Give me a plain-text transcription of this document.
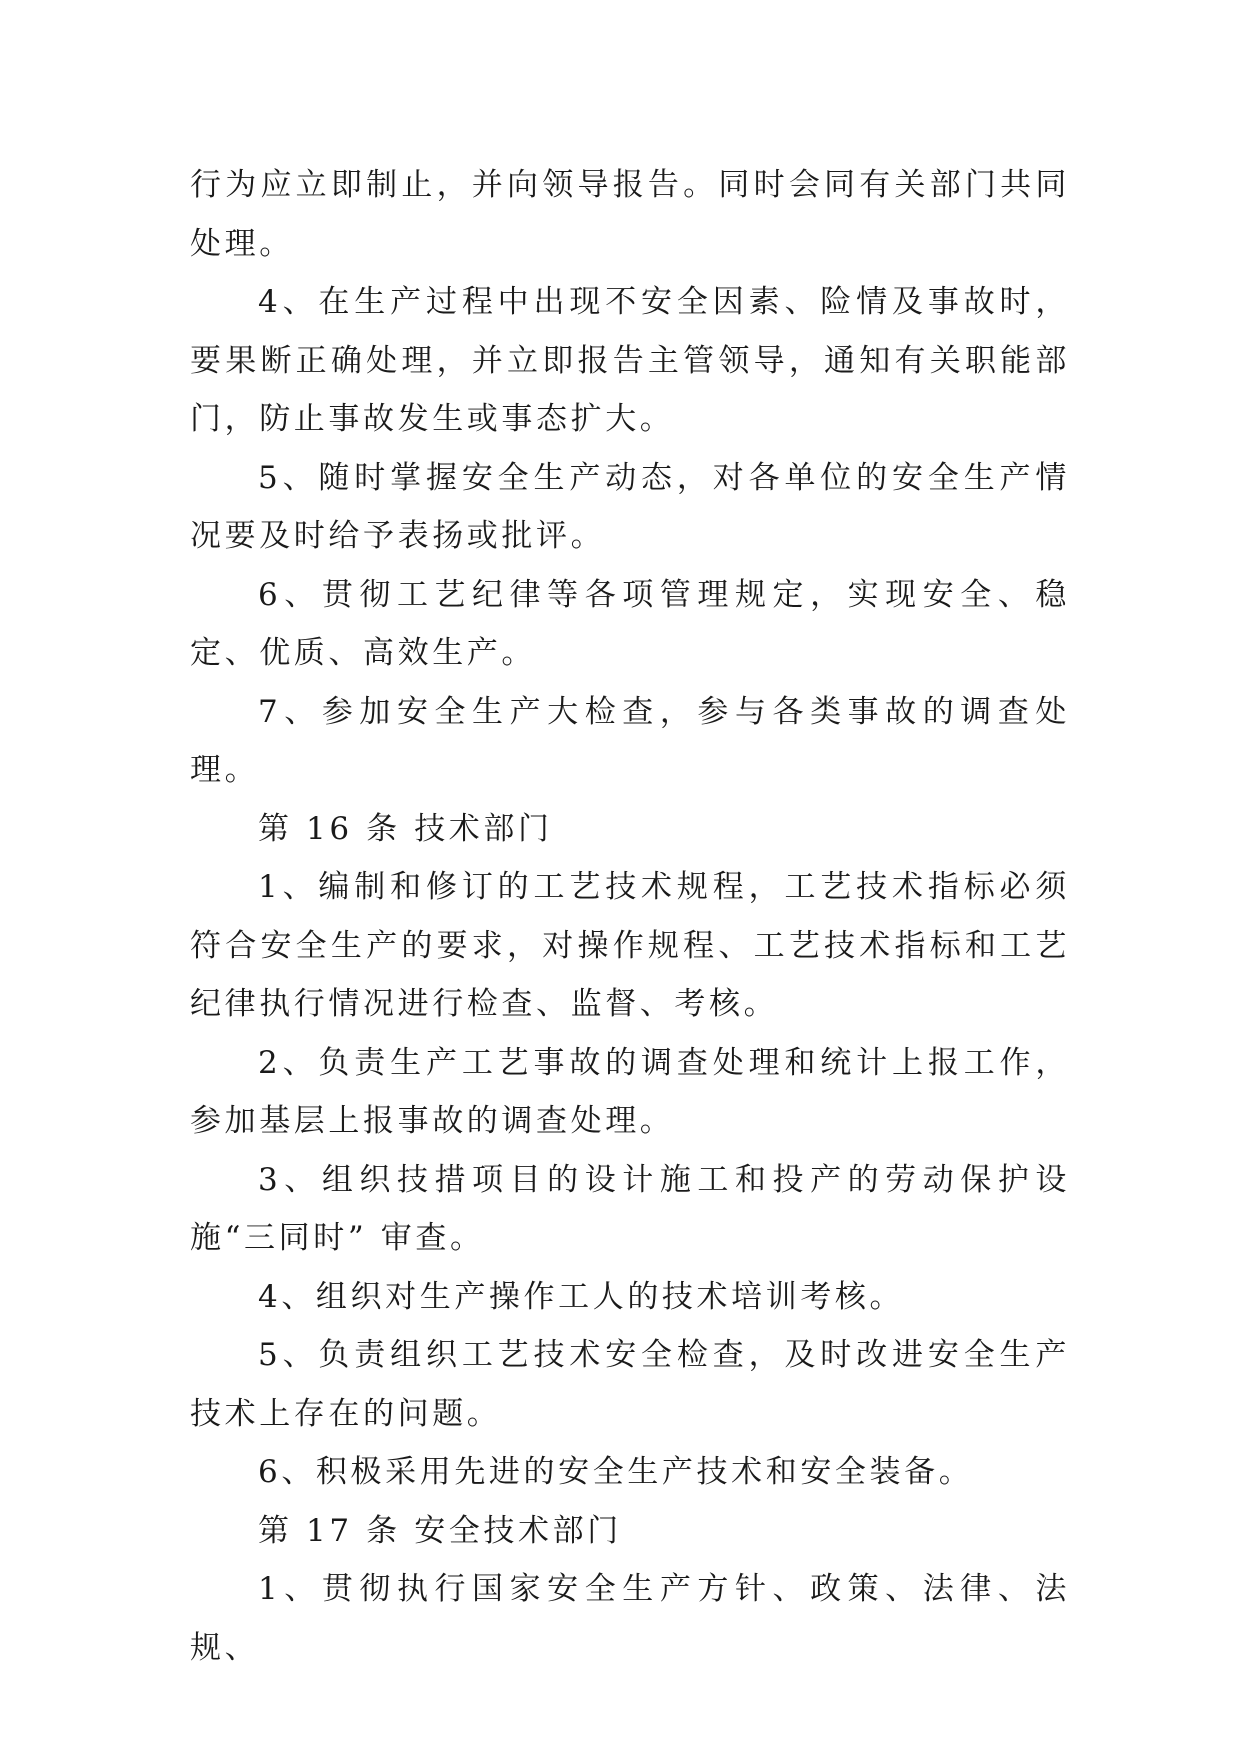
行为应立即制止，并向领导报告。同时会同有关部门共同处理。

4、在生产过程中出现不安全因素、险情及事故时，要果断正确处理，并立即报告主管领导，通知有关职能部门，防止事故发生或事态扩大。

5、随时掌握安全生产动态，对各单位的安全生产情况要及时给予表扬或批评。

6、贯彻工艺纪律等各项管理规定，实现安全、稳定、优质、高效生产。

7、参加安全生产大检查，参与各类事故的调查处理。

第 16 条 技术部门

1、编制和修订的工艺技术规程，工艺技术指标必须符合安全生产的要求，对操作规程、工艺技术指标和工艺纪律执行情况进行检查、监督、考核。

2、负责生产工艺事故的调查处理和统计上报工作，参加基层上报事故的调查处理。

3、组织技措项目的设计施工和投产的劳动保护设施“三同时” 审查。

4、组织对生产操作工人的技术培训考核。

5、负责组织工艺技术安全检查，及时改进安全生产技术上存在的问题。

6、积极采用先进的安全生产技术和安全装备。

第 17 条 安全技术部门

1、贯彻执行国家安全生产方针、政策、法律、法规、
